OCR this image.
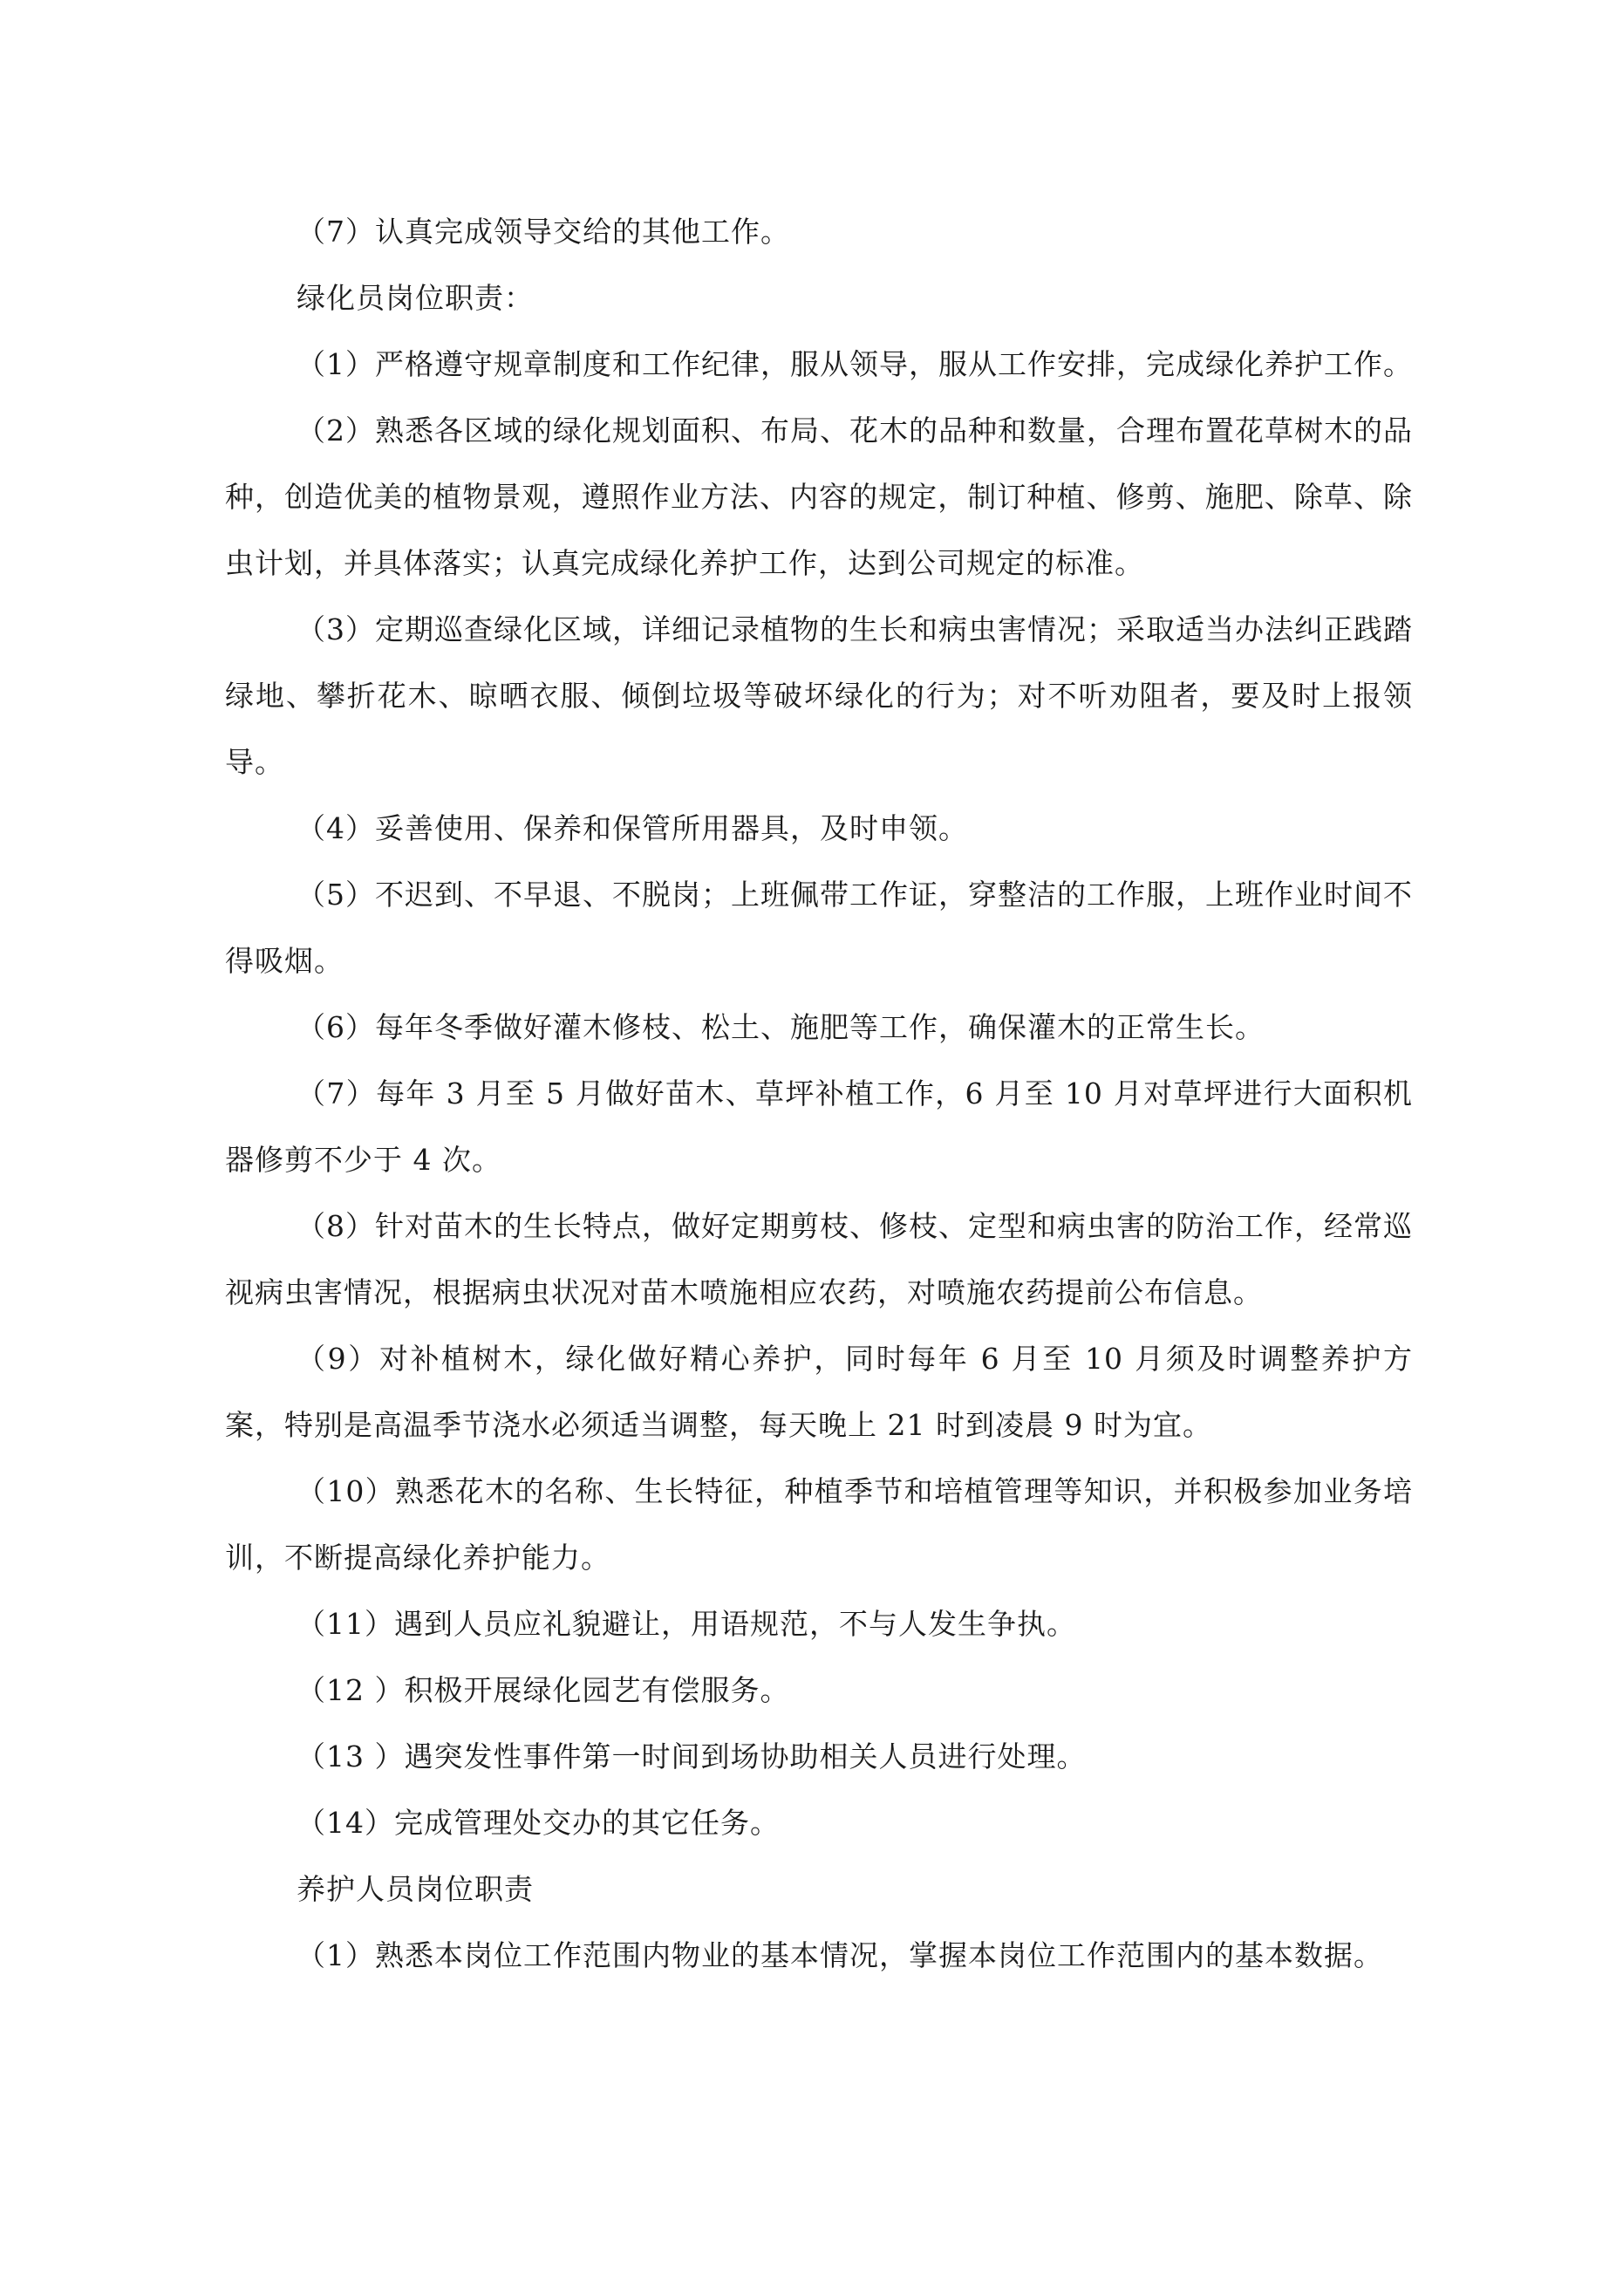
（7）认真完成领导交给的其他工作。

绿化员岗位职责：

（1）严格遵守规章制度和工作纪律，服从领导，服从工作安排，完成绿化养护工作。

（2）熟悉各区域的绿化规划面积、布局、花木的品种和数量，合理布置花草树木的品种，创造优美的植物景观，遵照作业方法、内容的规定，制订种植、修剪、施肥、除草、除虫计划，并具体落实；认真完成绿化养护工作，达到公司规定的标准。

（3）定期巡查绿化区域，详细记录植物的生长和病虫害情况；采取适当办法纠正践踏绿地、攀折花木、晾晒衣服、倾倒垃圾等破坏绿化的行为；对不听劝阻者，要及时上报领导。

（4）妥善使用、保养和保管所用器具，及时申领。

（5）不迟到、不早退、不脱岗；上班佩带工作证，穿整洁的工作服，上班作业时间不得吸烟。

（6）每年冬季做好灌木修枝、松土、施肥等工作，确保灌木的正常生长。

（7）每年 3 月至 5 月做好苗木、草坪补植工作，6 月至 10 月对草坪进行大面积机器修剪不少于 4 次。

（8）针对苗木的生长特点，做好定期剪枝、修枝、定型和病虫害的防治工作，经常巡视病虫害情况，根据病虫状况对苗木喷施相应农药，对喷施农药提前公布信息。

（9）对补植树木，绿化做好精心养护，同时每年 6 月至 10 月须及时调整养护方案，特别是高温季节浇水必须适当调整，每天晚上 21 时到凌晨 9 时为宜。

（10）熟悉花木的名称、生长特征，种植季节和培植管理等知识，并积极参加业务培训，不断提高绿化养护能力。

（11）遇到人员应礼貌避让，用语规范，不与人发生争执。

（12 ）积极开展绿化园艺有偿服务。

（13 ）遇突发性事件第一时间到场协助相关人员进行处理。

（14）完成管理处交办的其它任务。

养护人员岗位职责

（1）熟悉本岗位工作范围内物业的基本情况，掌握本岗位工作范围内的基本数据。
